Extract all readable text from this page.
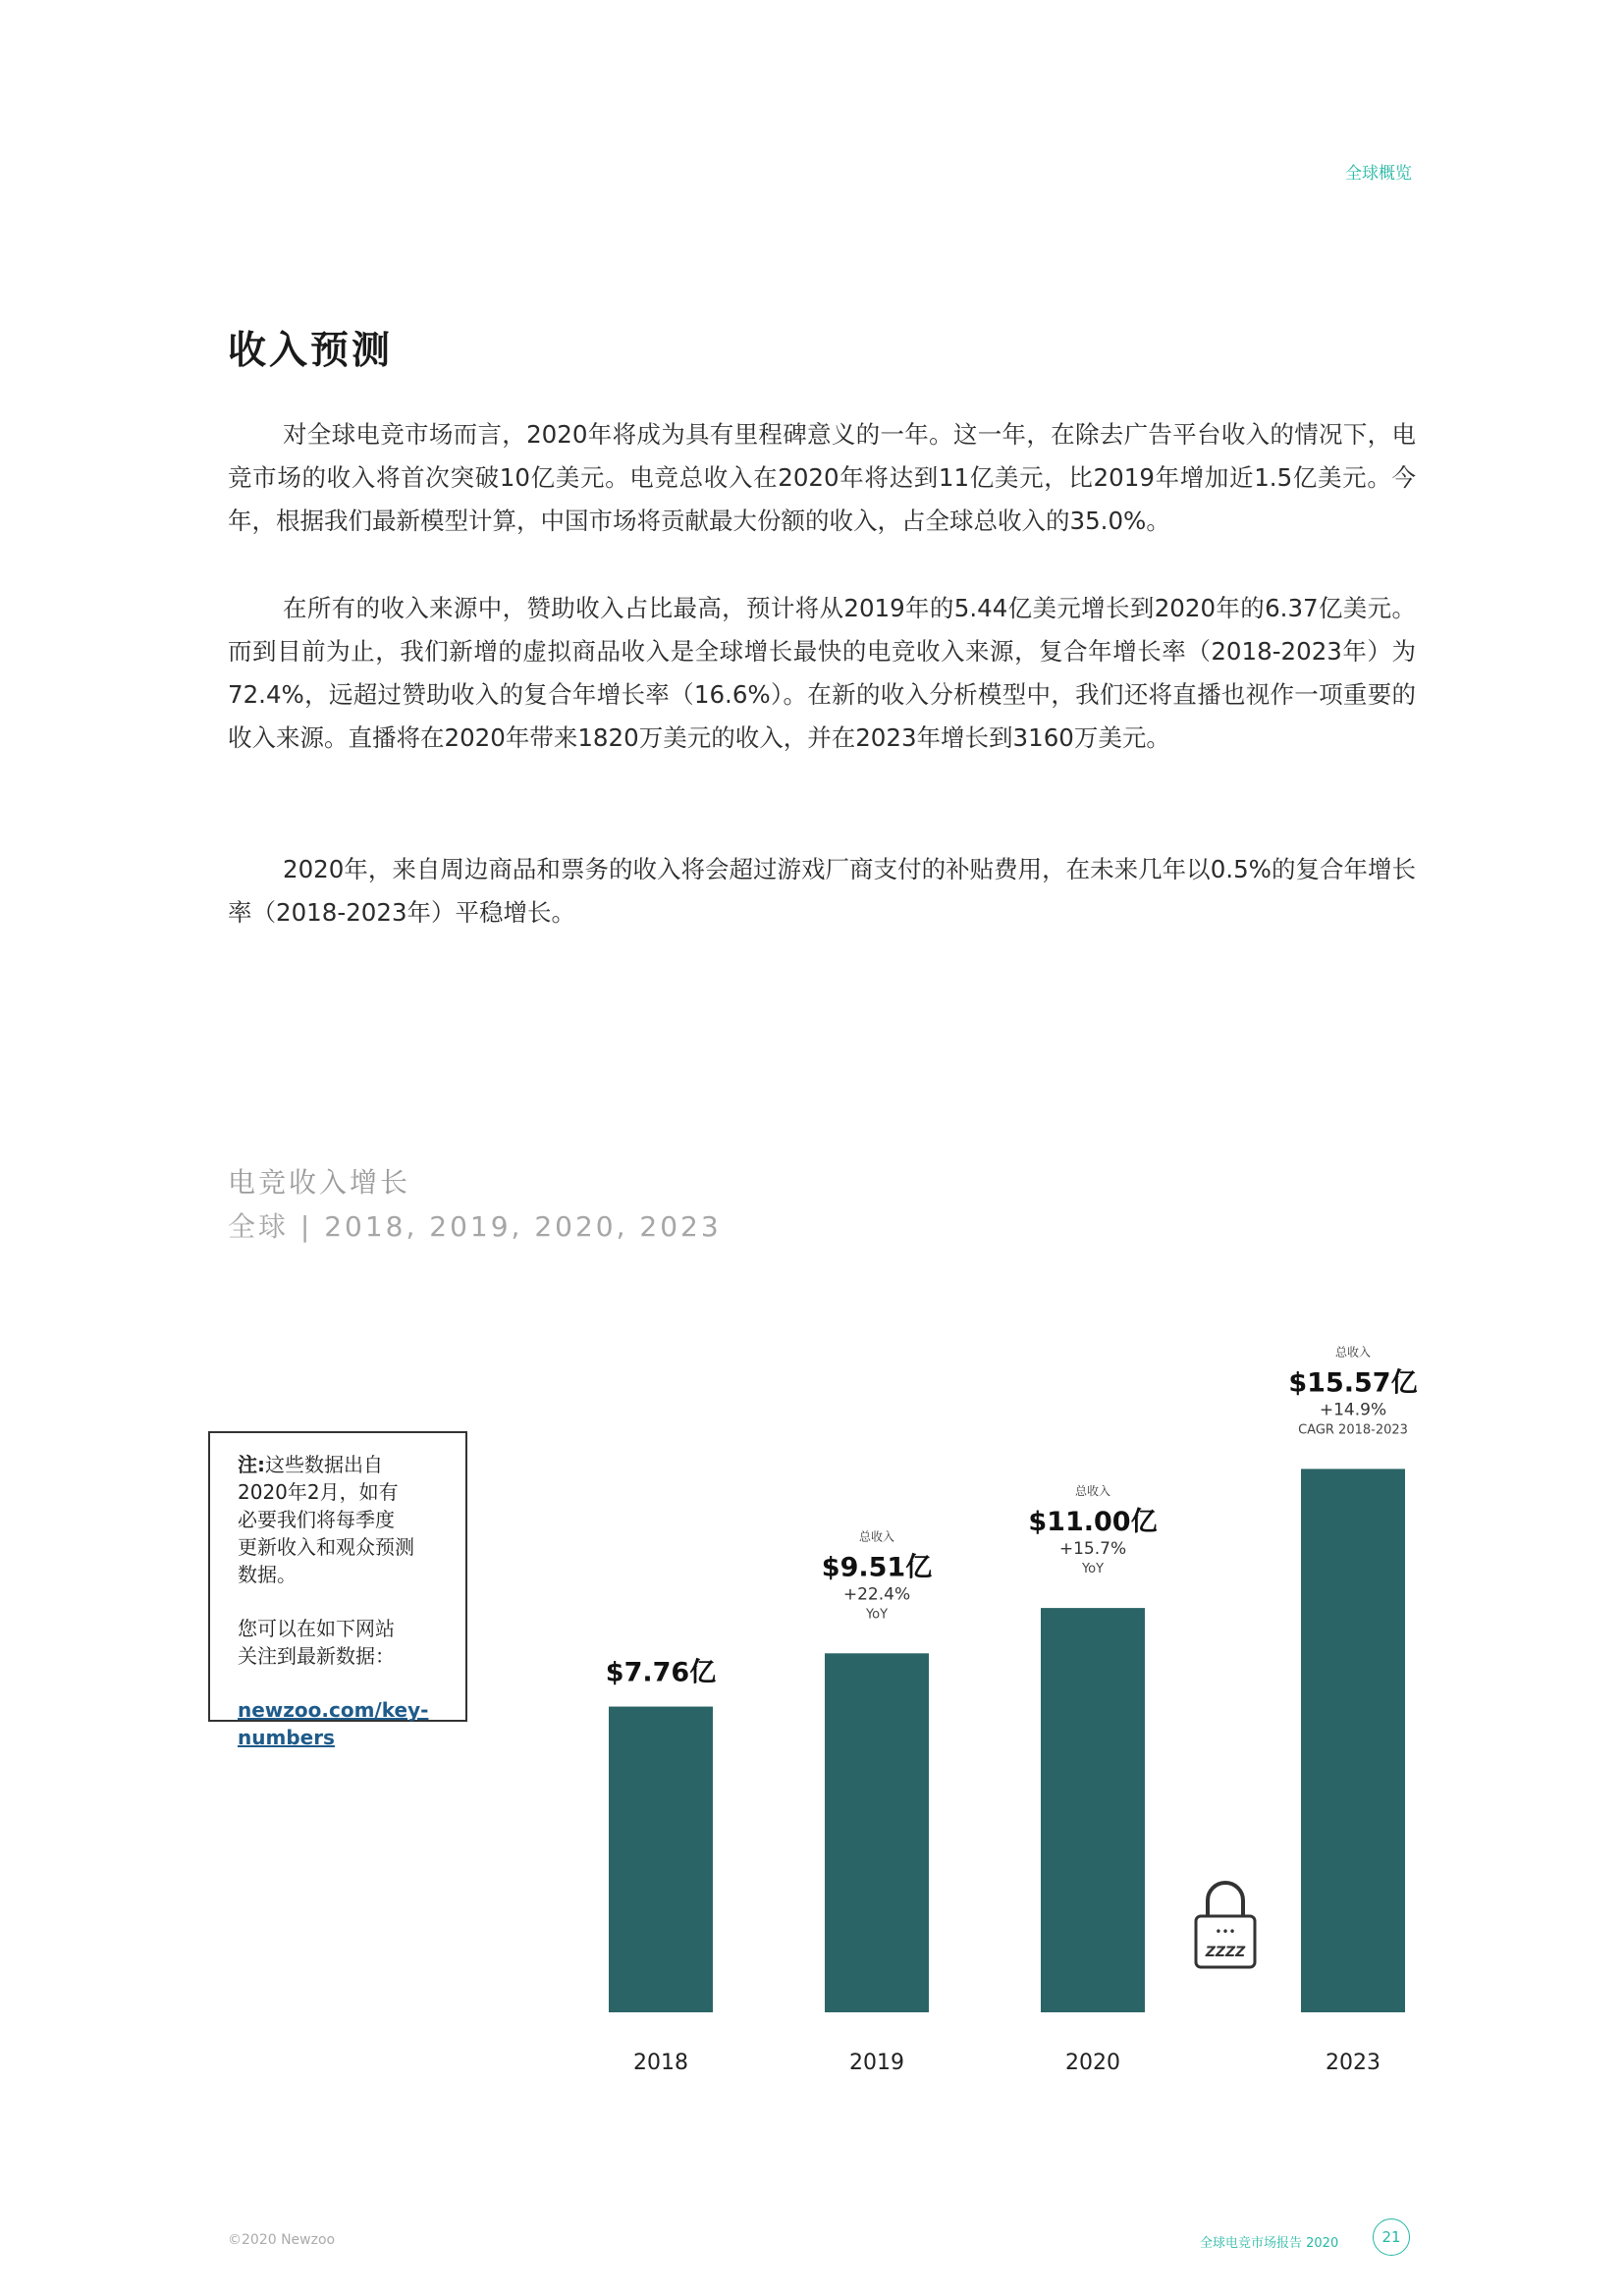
全球概览
收入预测

对全球电竞市场而言，2020年将成为具有里程碑意义的一年。这一年，在除去广告平台收入的情况下，电竞市场的收入将首次突破10亿美元。电竞总收入在2020年将达到11亿美元，比2019年增加近1.5亿美元。今年，根据我们最新模型计算，中国市场将贡献最大份额的收入，占全球总收入的35.0%。

在所有的收入来源中，赞助收入占比最高，预计将从2019年的5.44亿美元增长到2020年的6.37亿美元。而到目前为止，我们新增的虚拟商品收入是全球增长最快的电竞收入来源，复合年增长率（2018-2023年）为72.4%，远超过赞助收入的复合年增长率（16.6%）。在新的收入分析模型中，我们还将直播也视作一项重要的收入来源。直播将在2020年带来1820万美元的收入，并在2023年增长到3160万美元。

2020年，来自周边商品和票务的收入将会超过游戏厂商支付的补贴费用，在未来几年以0.5%的复合年增长率（2018-2023年）平稳增长。

电竞收入增长
全球 | 2018, 2019, 2020, 2023
2018
$7.76亿
2019
总收入
$9.51亿
+22.4%
YoY
2020
总收入
$11.00亿
+15.7%
YoY
2023
总收入
$15.57亿
+14.9%
CAGR 2018-2023
•••
ZZZZ

注:这些数据出自

2020年2月，如有

必要我们将每季度

更新收入和观众预测

数据。

您可以在如下网站

关注到最新数据：

newzoo.com/key-
numbers
©2020 Newzoo	全球电竞市场报告 2020	21
